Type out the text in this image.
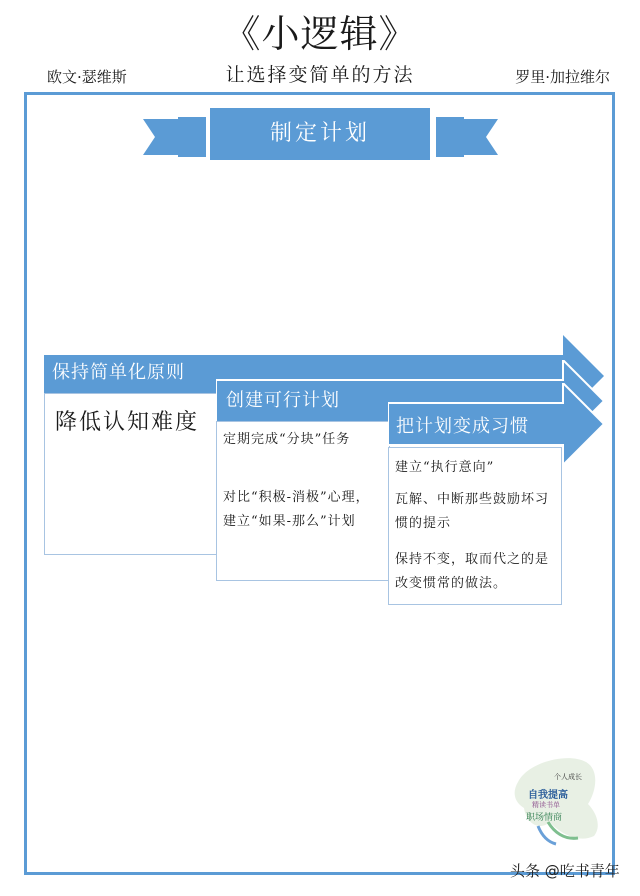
《小逻辑》
欧文·瑟维斯	让选择变简单的方法	罗里·加拉维尔
制定计划
保持简单化原则
降低认知难度
创建可行计划
定期完成“分块”任务
对比“积极-消极”心理，建立“如果-那么”计划
把计划变成习惯
建立“执行意向”
瓦解、中断那些鼓励坏习惯的提示
保持不变，取而代之的是改变惯常的做法。
个人成长
自我提高
职场情商
精读书单
头条 @吃书青年
